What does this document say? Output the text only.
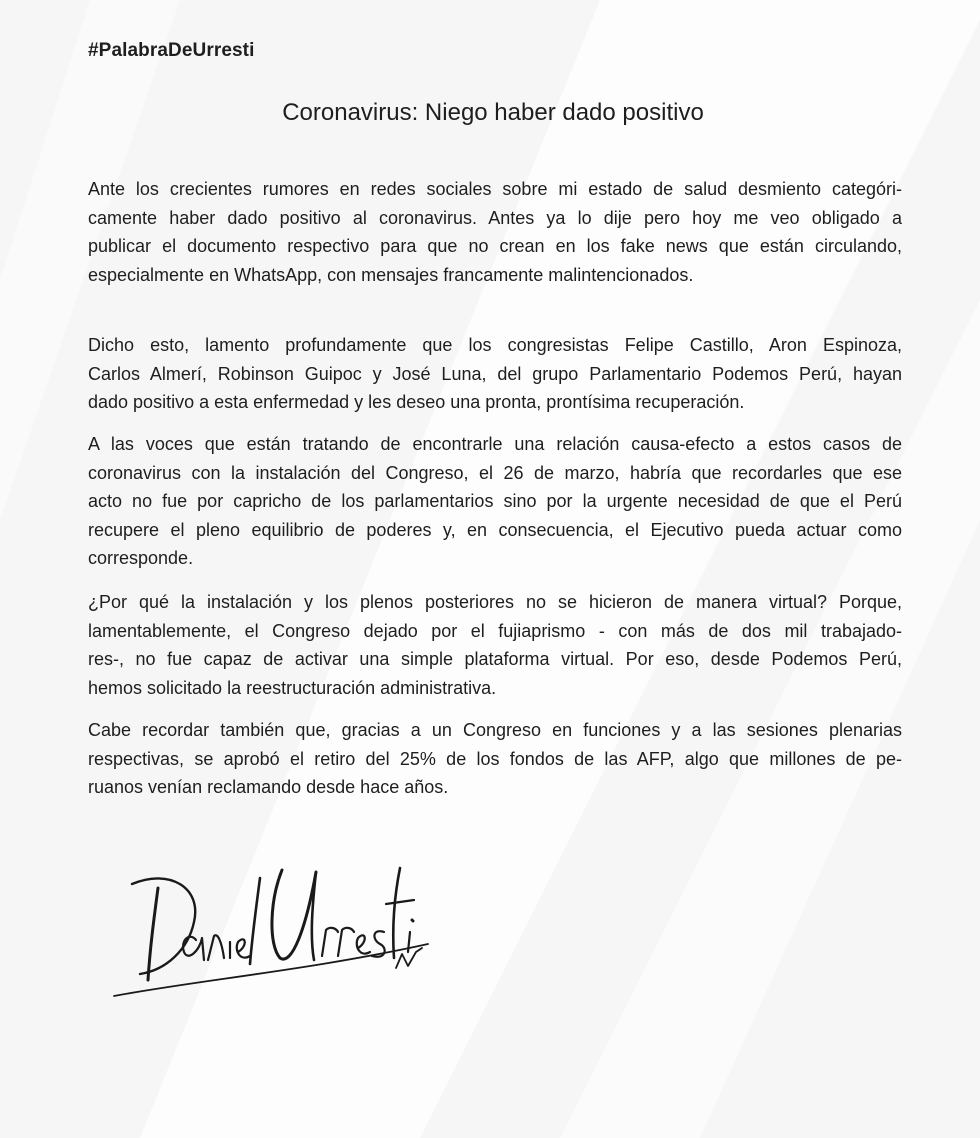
#PalabraDeUrresti
Coronavirus: Niego haber dado positivo

Ante los crecientes rumores en redes sociales sobre mi estado de salud desmiento categóri-
camente haber dado positivo al coronavirus. Antes ya lo dije pero hoy me veo obligado a
publicar el documento respectivo para que no crean en los fake news que están circulando,
especialmente en WhatsApp, con mensajes francamente malintencionados.

Dicho esto, lamento profundamente que los congresistas Felipe Castillo, Aron Espinoza,
Carlos Almerí, Robinson Guipoc y José Luna, del grupo Parlamentario Podemos Perú, hayan
dado positivo a esta enfermedad y les deseo una pronta, prontísima recuperación.

A las voces que están tratando de encontrarle una relación causa-efecto a estos casos de
coronavirus con la instalación del Congreso, el 26 de marzo, habría que recordarles que ese
acto no fue por capricho de los parlamentarios sino por la urgente necesidad de que el Perú
recupere el pleno equilibrio de poderes y, en consecuencia, el Ejecutivo pueda actuar como
corresponde.

¿Por qué la instalación y los plenos posteriores no se hicieron de manera virtual? Porque,
lamentablemente, el Congreso dejado por el fujiaprismo - con más de dos mil trabajado-
res-, no fue capaz de activar una simple plataforma virtual. Por eso, desde Podemos Perú,
hemos solicitado la reestructuración administrativa.

Cabe recordar también que, gracias a un Congreso en funciones y a las sesiones plenarias
respectivas, se aprobó el retiro del 25% de los fondos de las AFP, algo que millones de pe-
ruanos venían reclamando desde hace años.
